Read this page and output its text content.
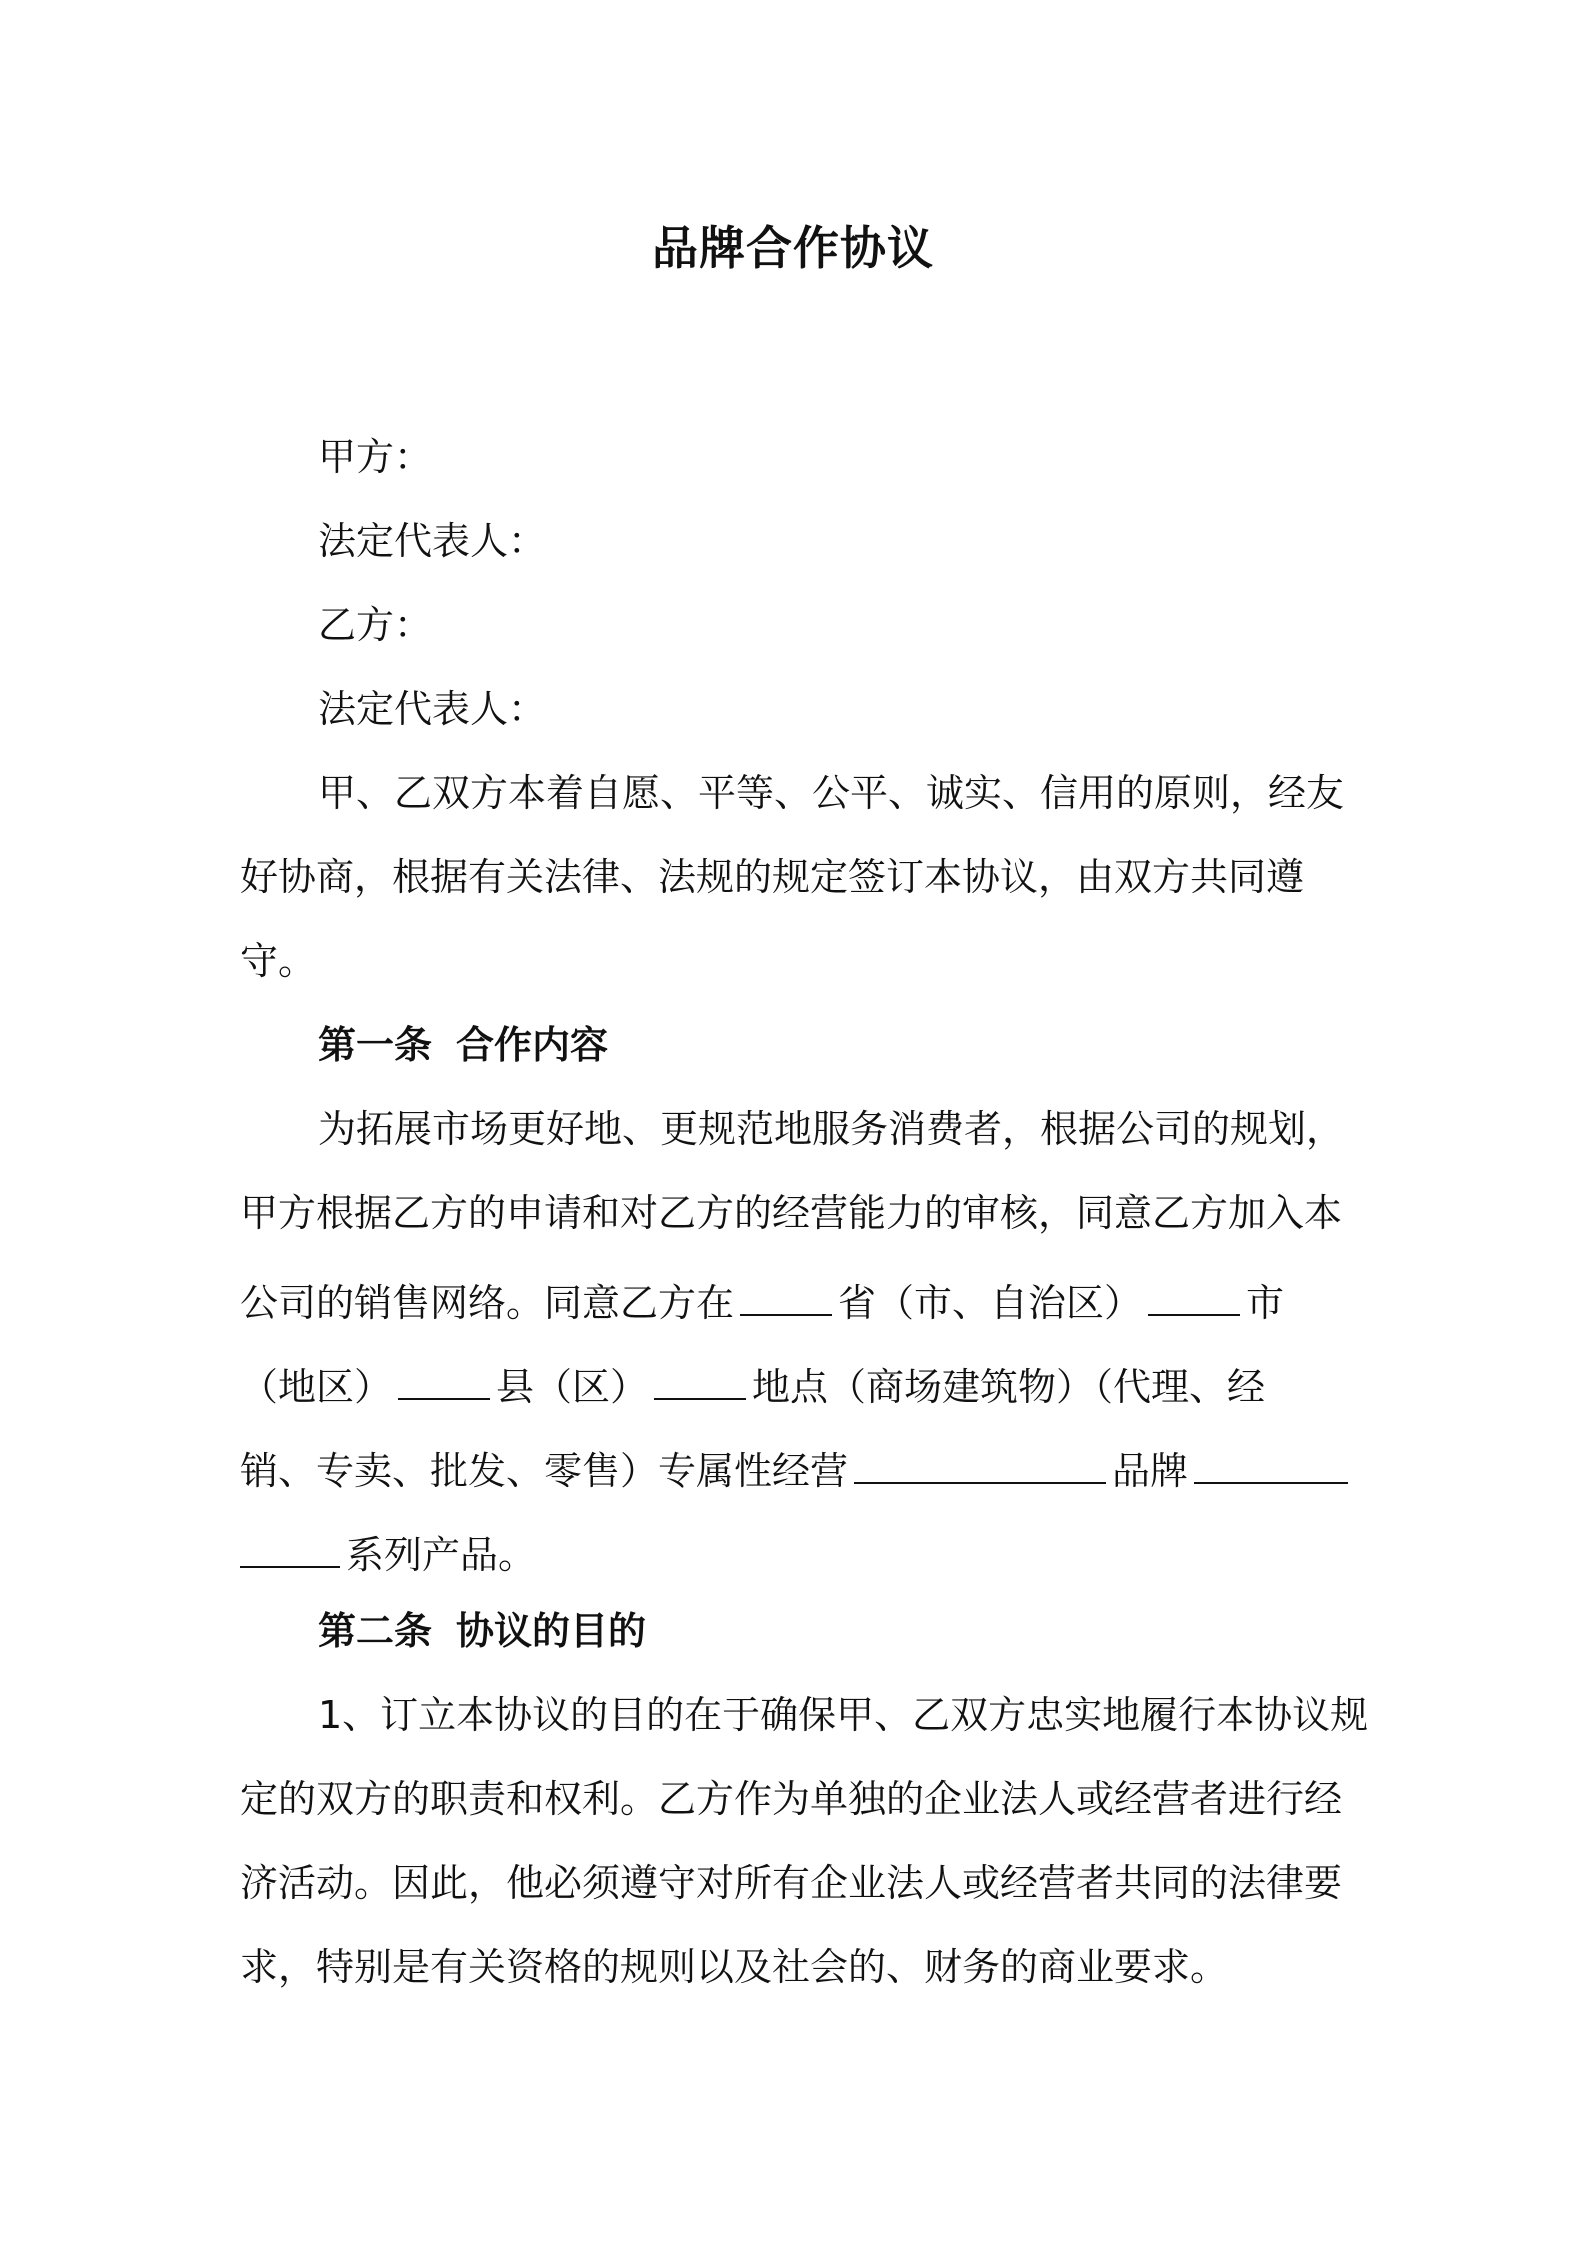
品牌合作协议
甲方：
法定代表人：
乙方：
法定代表人：
甲、乙双方本着自愿、平等、公平、诚实、信用的原则，经友
好协商，根据有关法律、法规的规定签订本协议，由双方共同遵
守。
第一条 合作内容
为拓展市场更好地、更规范地服务消费者，根据公司的规划，
甲方根据乙方的申请和对乙方的经营能力的审核，同意乙方加入本
公司的销售网络。同意乙方在	省（市、自治区）	市
（地区）	县（区）	地点（商场建筑物）（代理、经
销、专卖、批发、零售）专属性经营	品牌
系列产品。
第二条 协议的目的
1、订立本协议的目的在于确保甲、乙双方忠实地履行本协议规
定的双方的职责和权利。乙方作为单独的企业法人或经营者进行经
济活动。因此，他必须遵守对所有企业法人或经营者共同的法律要
求，特别是有关资格的规则以及社会的、财务的商业要求。
